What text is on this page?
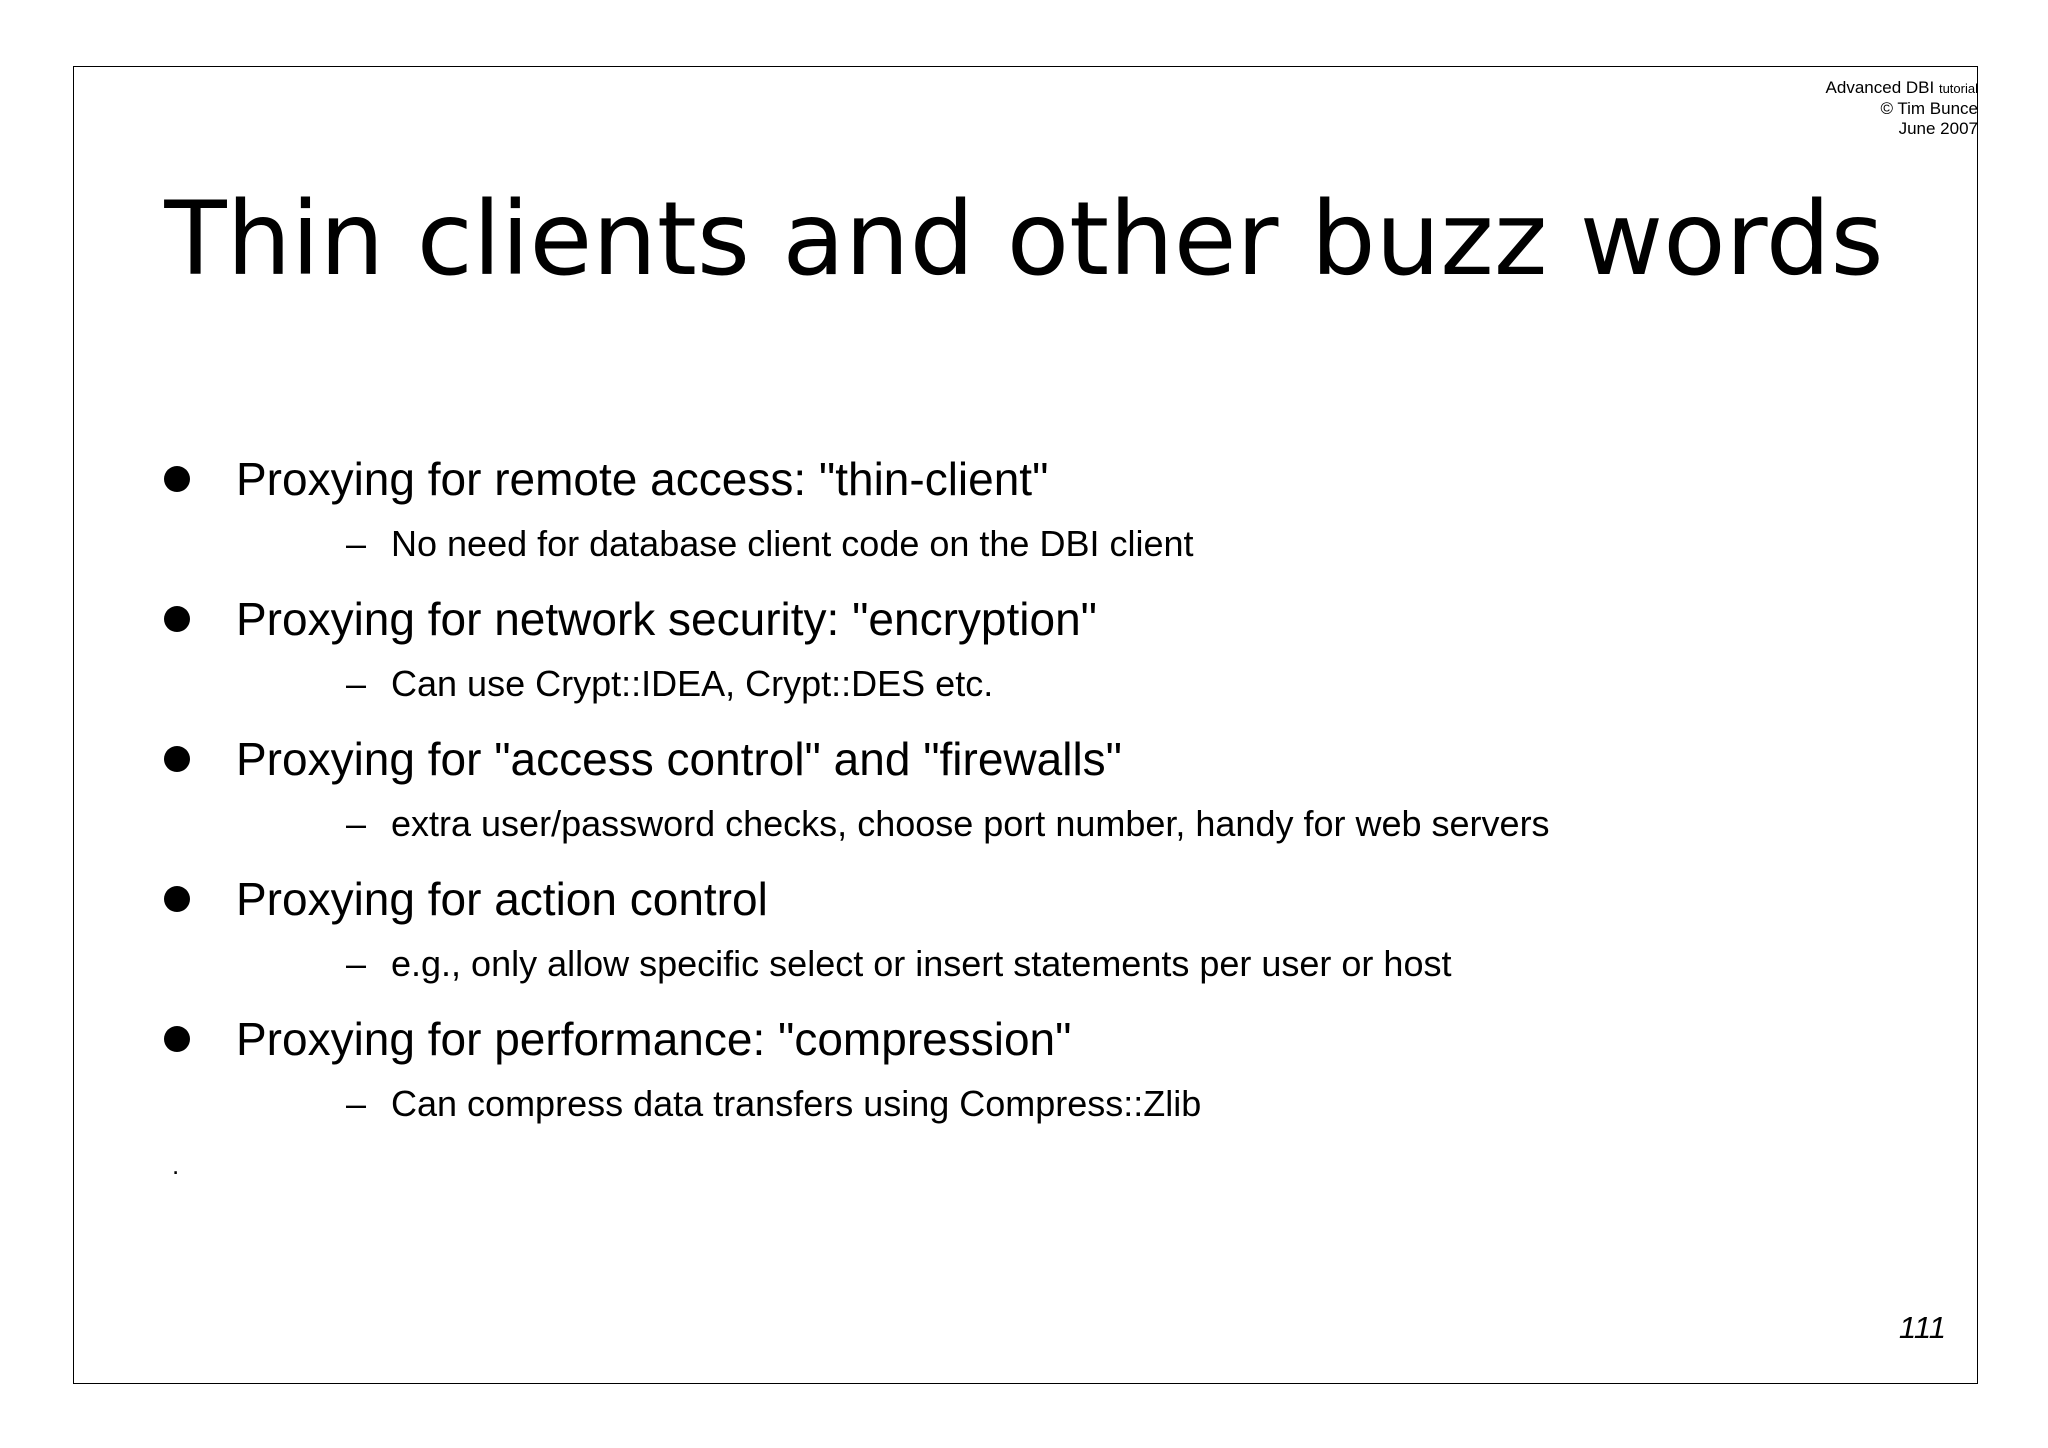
Advanced DBI tutorial
© Tim Bunce
June 2007
Thin clients and other buzz words
Proxying for remote access: "thin-client"
– No need for database client code on the DBI client
Proxying for network security: "encryption"
– Can use Crypt::IDEA, Crypt::DES etc.
Proxying for "access control" and "firewalls"
– extra user/password checks, choose port number, handy for web servers
Proxying for action control
– e.g., only allow specific select or insert statements per user or host
Proxying for performance: "compression"
– Can compress data transfers using Compress::Zlib
.
111
